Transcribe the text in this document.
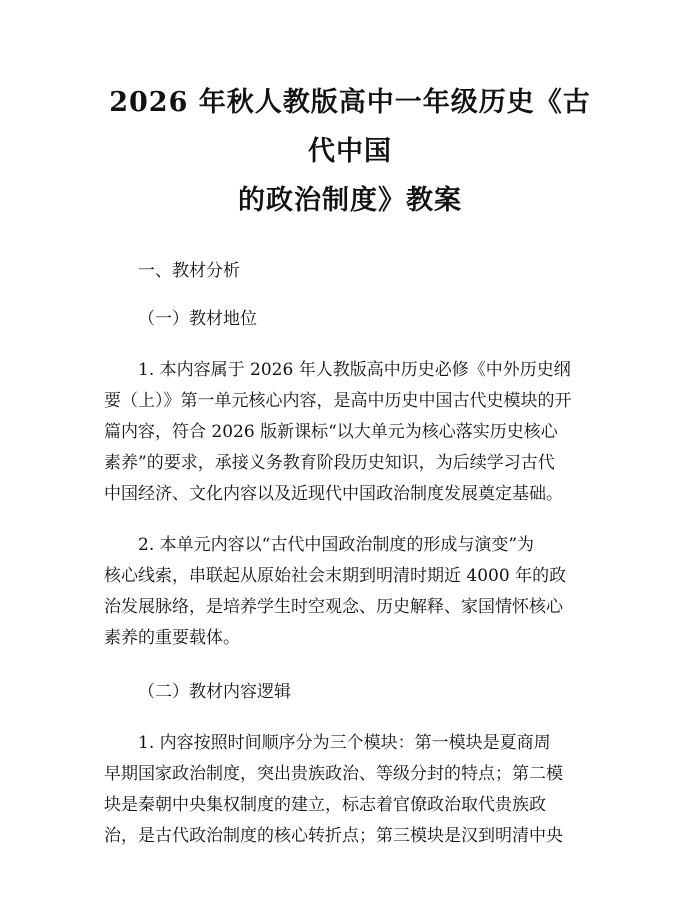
2026 年秋人教版高中一年级历史《古代中国
的政治制度》教案

一、教材分析

（一）教材地位

1. 本内容属于 2026 年人教版高中历史必修《中外历史纲
要（上）》第一单元核心内容，是高中历史中国古代史模块的开
篇内容，符合 2026 版新课标“以大单元为核心落实历史核心
素养”的要求，承接义务教育阶段历史知识，为后续学习古代
中国经济、文化内容以及近现代中国政治制度发展奠定基础。

2. 本单元内容以“古代中国政治制度的形成与演变”为
核心线索，串联起从原始社会末期到明清时期近 4000 年的政
治发展脉络，是培养学生时空观念、历史解释、家国情怀核心
素养的重要载体。

（二）教材内容逻辑

1. 内容按照时间顺序分为三个模块：第一模块是夏商周
早期国家政治制度，突出贵族政治、等级分封的特点；第二模
块是秦朝中央集权制度的建立，标志着官僚政治取代贵族政
治，是古代政治制度的核心转折点；第三模块是汉到明清中央
